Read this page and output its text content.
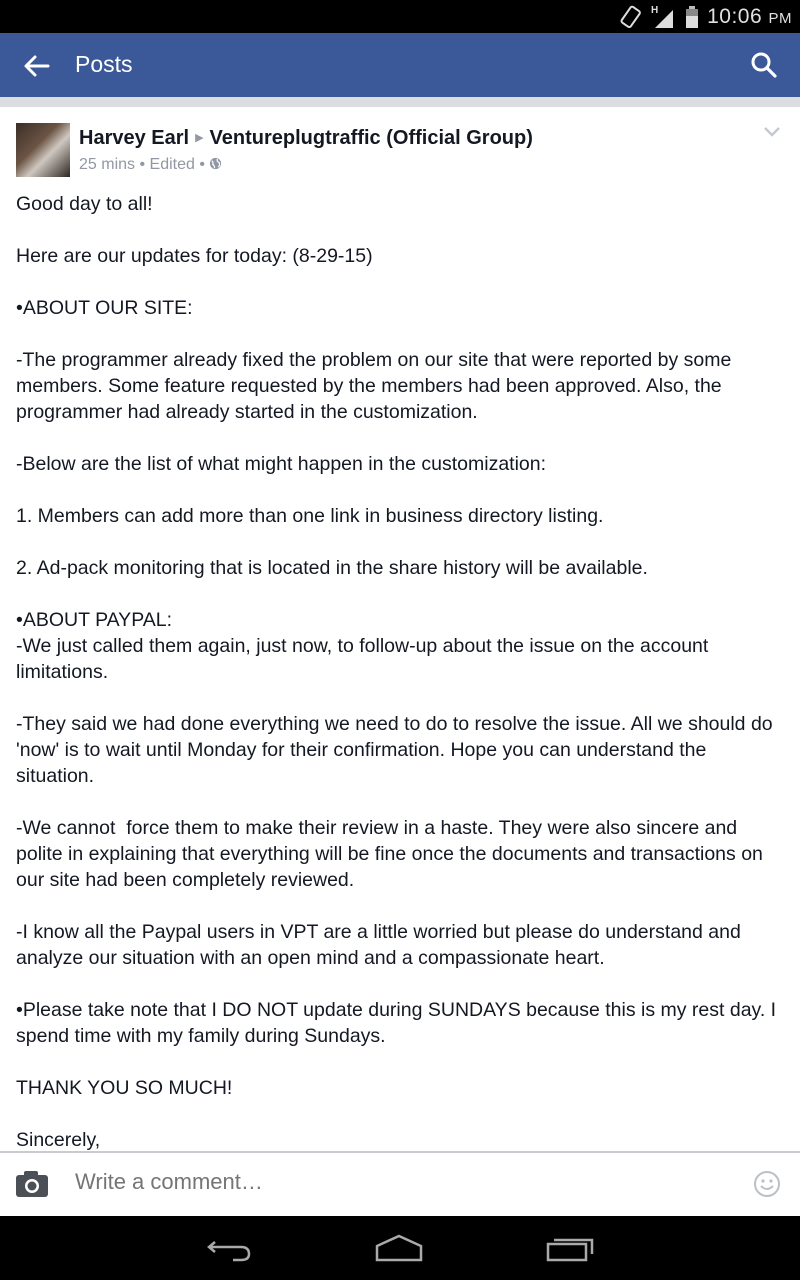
H 10:06 PM
Posts
Harvey Earl ▶ Ventureplugtraffic (Official Group)
25 mins • Edited •

Good day to all!

Here are our updates for today: (8-29-15)

•ABOUT OUR SITE:

-The programmer already fixed the problem on our site that were reported by some members. Some feature requested by the members had been approved. Also, the programmer had already started in the customization.

-Below are the list of what might happen in the customization:

1. Members can add more than one link in business directory listing.

2. Ad-pack monitoring that is located in the share history will be available.

•ABOUT PAYPAL:

-We just called them again, just now, to follow-up about the issue on the account limitations.

-They said we had done everything we need to do to resolve the issue. All we should do 'now' is to wait until Monday for their confirmation. Hope you can understand the situation.

-We cannot  force them to make their review in a haste. They were also sincere and polite in explaining that everything will be fine once the documents and transactions on our site had been completely reviewed.

-I know all the Paypal users in VPT are a little worried but please do understand and analyze our situation with an open mind and a compassionate heart.

•Please take note that I DO NOT update during SUNDAYS because this is my rest day. I spend time with my family during Sundays.

THANK YOU SO MUCH!

Sincerely,

Write a comment…
